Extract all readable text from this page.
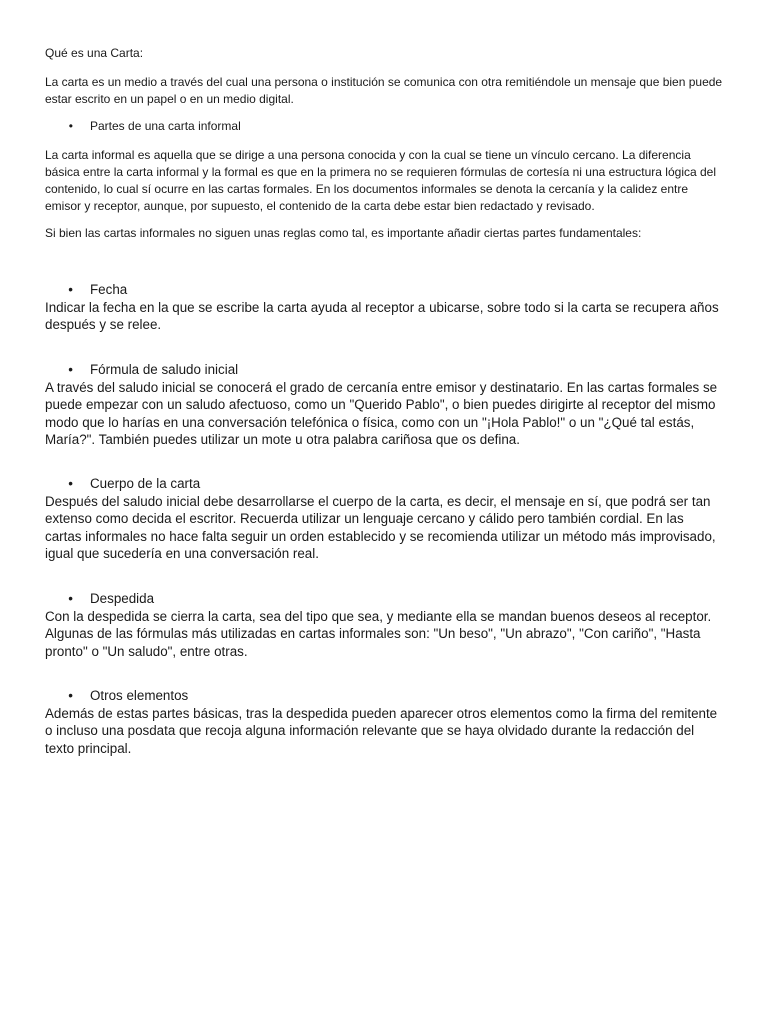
Qué es una Carta:

La carta es un medio a través del cual una persona o institución se comunica con otra remitiéndole un mensaje que bien puede estar escrito en un papel o en un medio digital.

•	Partes de una carta informal

La carta informal es aquella que se dirige a una persona conocida y con la cual se tiene un vínculo cercano. La diferencia básica entre la carta informal y la formal es que en la primera no se requieren fórmulas de cortesía ni una estructura lógica del contenido, lo cual sí ocurre en las cartas formales. En los documentos informales se denota la cercanía y la calidez entre emisor y receptor, aunque, por supuesto, el contenido de la carta debe estar bien redactado y revisado.

Si bien las cartas informales no siguen unas reglas como tal, es importante añadir ciertas partes fundamentales:

•	Fecha

Indicar la fecha en la que se escribe la carta ayuda al receptor a ubicarse, sobre todo si la carta se recupera años después y se relee.

•	Fórmula de saludo inicial

A través del saludo inicial se conocerá el grado de cercanía entre emisor y destinatario. En las cartas formales se puede empezar con un saludo afectuoso, como un "Querido Pablo", o bien puedes dirigirte al receptor del mismo modo que lo harías en una conversación telefónica o física, como con un "¡Hola Pablo!" o un "¿Qué tal estás, María?". También puedes utilizar un mote u otra palabra cariñosa que os defina.

•	Cuerpo de la carta

Después del saludo inicial debe desarrollarse el cuerpo de la carta, es decir, el mensaje en sí, que podrá ser tan extenso como decida el escritor. Recuerda utilizar un lenguaje cercano y cálido pero también cordial. En las cartas informales no hace falta seguir un orden establecido y se recomienda utilizar un método más improvisado, igual que sucedería en una conversación real.

•	Despedida

Con la despedida se cierra la carta, sea del tipo que sea, y mediante ella se mandan buenos deseos al receptor. Algunas de las fórmulas más utilizadas en cartas informales son: "Un beso", "Un abrazo", "Con cariño", "Hasta pronto" o "Un saludo", entre otras.

•	Otros elementos

Además de estas partes básicas, tras la despedida pueden aparecer otros elementos como la firma del remitente o incluso una posdata que recoja alguna información relevante que se haya olvidado durante la redacción del texto principal.
